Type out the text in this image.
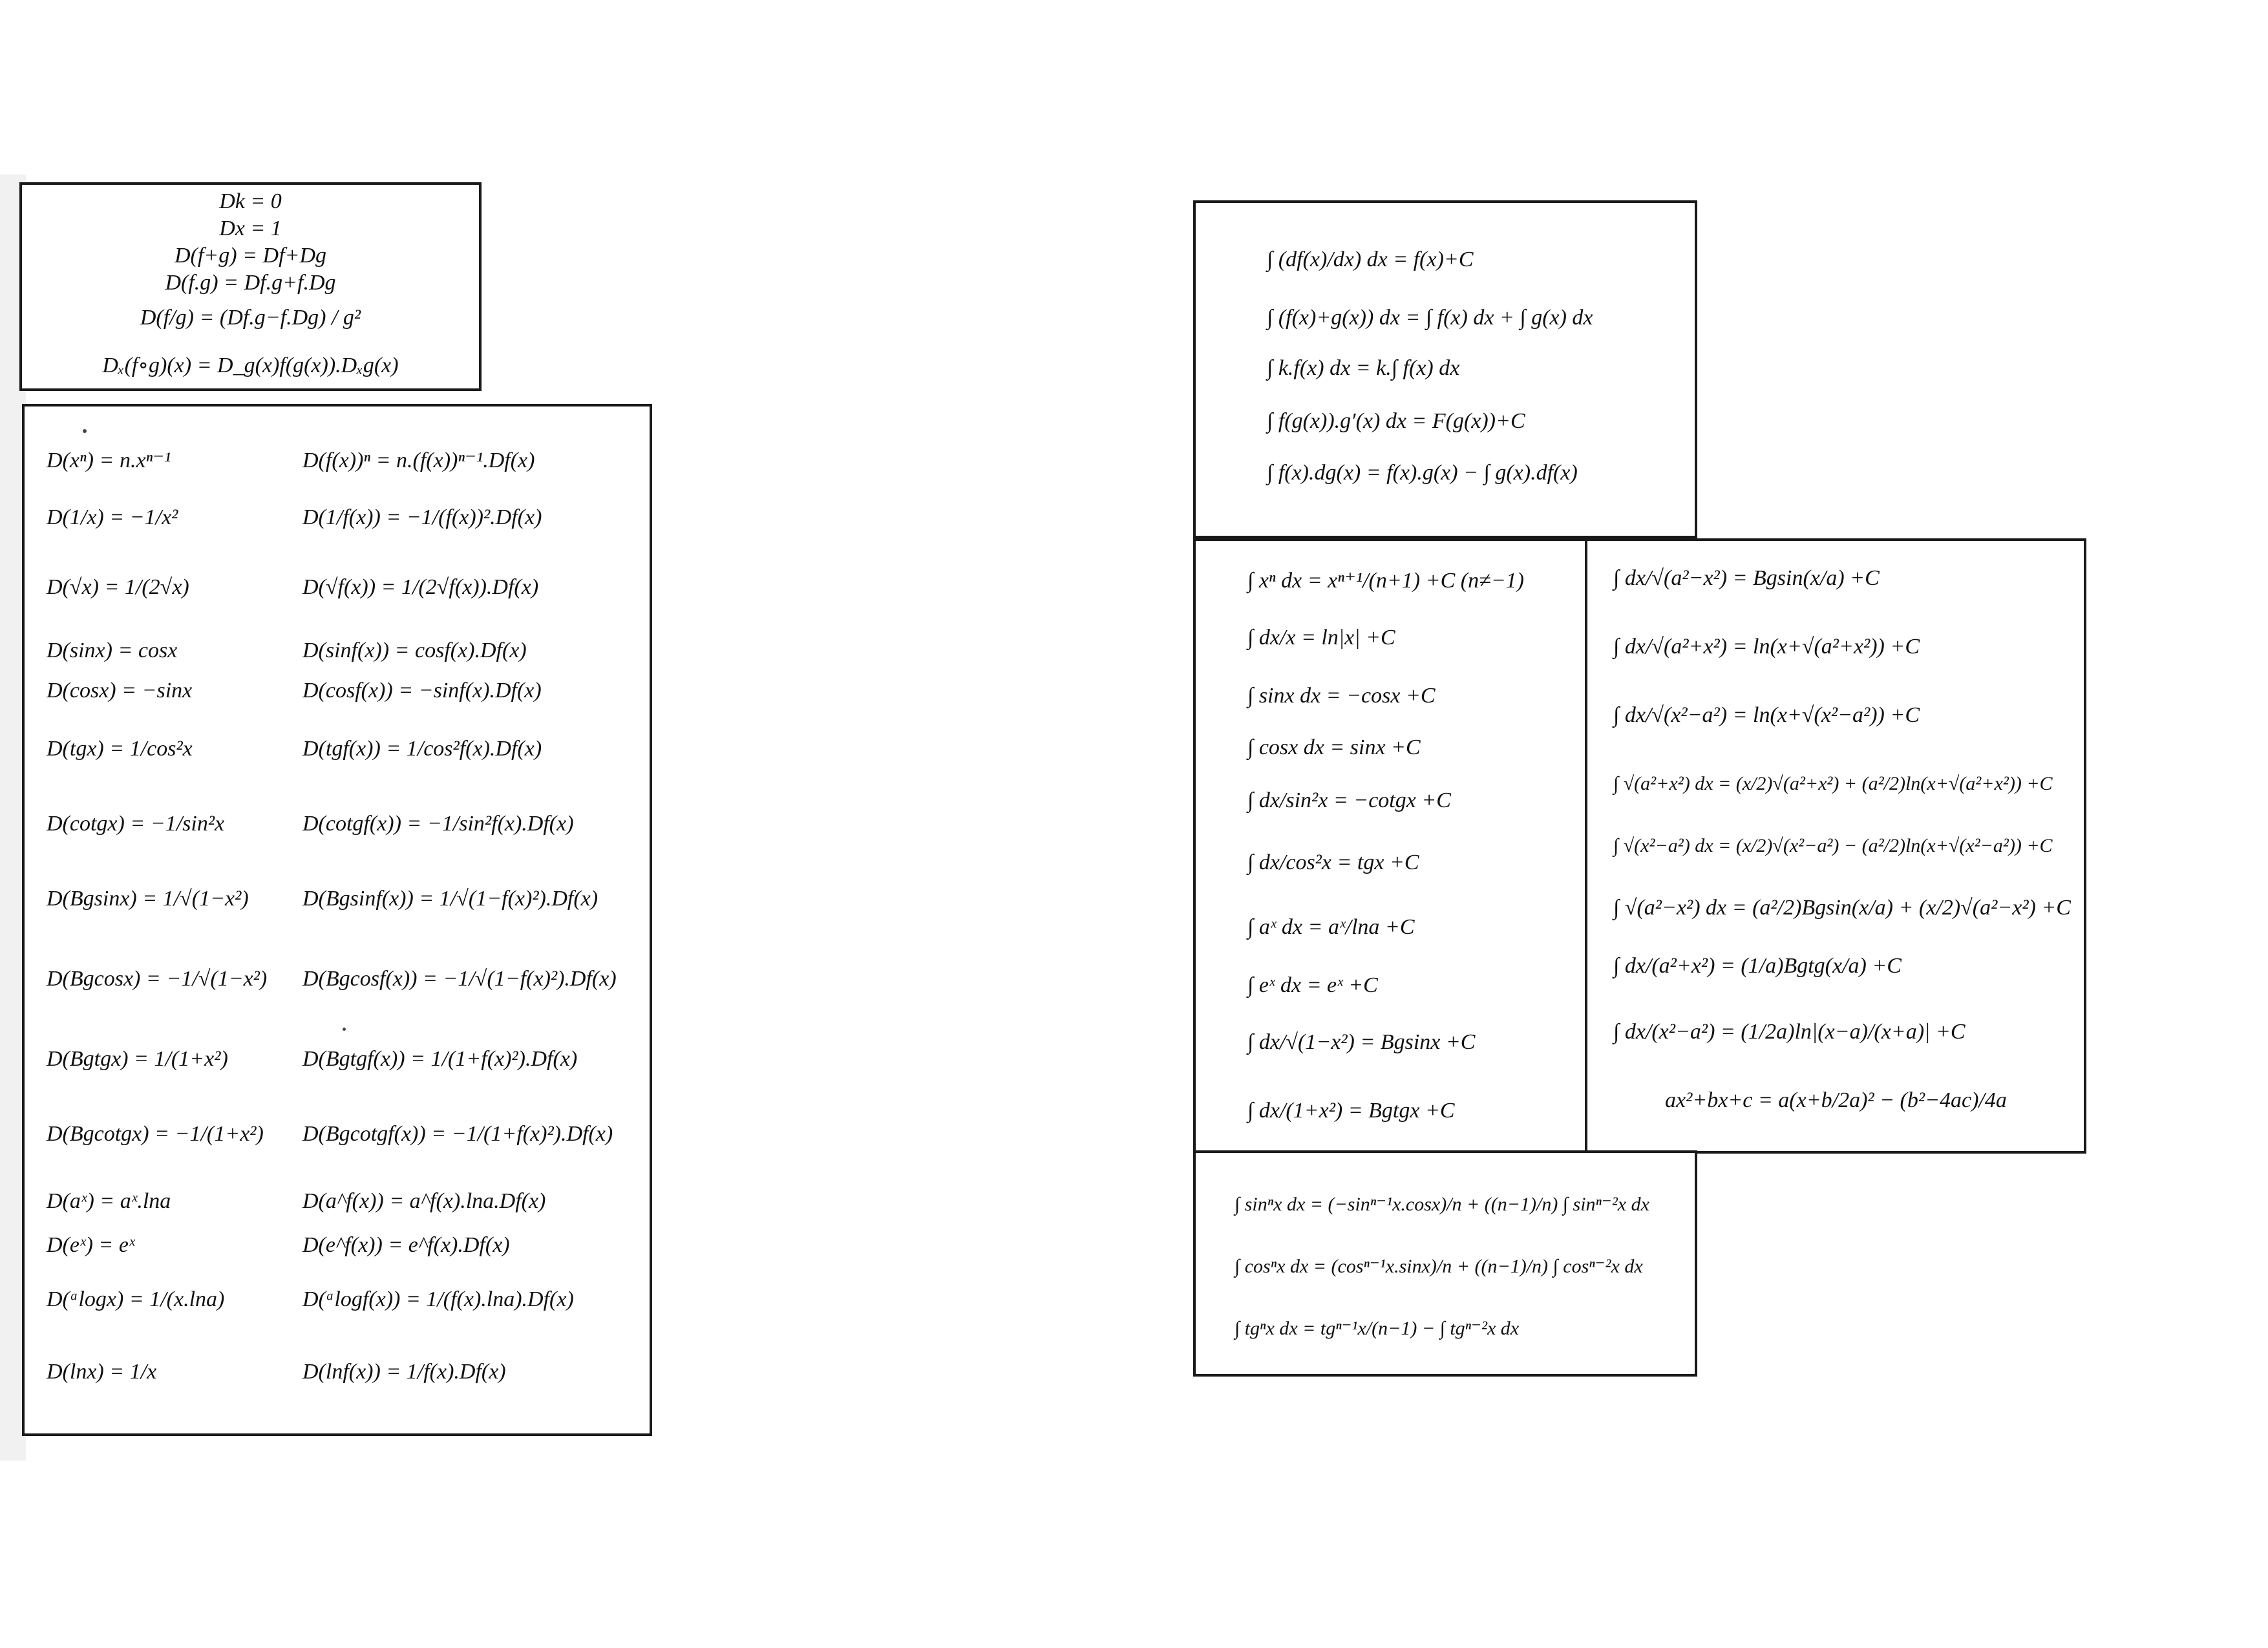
Dk = 0
Dx = 1
D(f+g) = Df+Dg
D(f.g) = Df.g+f.Dg
D(f/g) = (Df.g−f.Dg) / g²
Dₓ(f∘g)(x) = D_g(x)f(g(x)).Dₓg(x)
D(xⁿ) = n.xⁿ⁻¹	D(f(x))ⁿ = n.(f(x))ⁿ⁻¹.Df(x)
D(1/x) = −1/x²	D(1/f(x)) = −1/(f(x))².Df(x)
D(√x) = 1/(2√x)	D(√f(x)) = 1/(2√f(x)).Df(x)
D(sinx) = cosx	D(sinf(x)) = cosf(x).Df(x)
D(cosx) = −sinx	D(cosf(x)) = −sinf(x).Df(x)
D(tgx) = 1/cos²x	D(tgf(x)) = 1/cos²f(x).Df(x)
D(cotgx) = −1/sin²x	D(cotgf(x)) = −1/sin²f(x).Df(x)
D(Bgsinx) = 1/√(1−x²) D(Bgsinf(x)) = 1/√(1−f(x)²).Df(x)
D(Bgcosx) = −1/√(1−x²) D(Bgcosf(x)) = −1/√(1−f(x)²).Df(x)
D(Bgtgx) = 1/(1+x²)	D(Bgtgf(x)) = 1/(1+f(x)²).Df(x)
D(Bgcotgx) = −1/(1+x²) D(Bgcotgf(x)) = −1/(1+f(x)²).Df(x)
D(aˣ) = aˣ.lna	D(a^f(x)) = a^f(x).lna.Df(x)
D(eˣ) = eˣ	D(e^f(x)) = e^f(x).Df(x)
D(ᵃlogx) = 1/(x.lna)	D(ᵃlogf(x)) = 1/(f(x).lna).Df(x)
D(lnx) = 1/x	D(lnf(x)) = 1/f(x).Df(x)
∫ (df(x)/dx) dx = f(x)+C
∫ (f(x)+g(x)) dx = ∫ f(x) dx + ∫ g(x) dx
∫ k.f(x) dx = k.∫ f(x) dx
∫ f(g(x)).g′(x) dx = F(g(x))+C
∫ f(x).dg(x) = f(x).g(x) − ∫ g(x).df(x)
∫ xⁿ dx = xⁿ⁺¹/(n+1) +C (n≠−1)
∫ dx/x = ln|x| +C
∫ sinx dx = −cosx +C
∫ cosx dx = sinx +C
∫ dx/sin²x = −cotgx +C
∫ dx/cos²x = tgx +C
∫ aˣ dx = aˣ/lna +C
∫ eˣ dx = eˣ +C
∫ dx/√(1−x²) = Bgsinx +C
∫ dx/(1+x²) = Bgtgx +C
∫ dx/√(a²−x²) = Bgsin(x/a) +C
∫ dx/√(a²+x²) = ln(x+√(a²+x²)) +C
∫ dx/√(x²−a²) = ln(x+√(x²−a²)) +C
∫ √(a²+x²) dx = (x/2)√(a²+x²) + (a²/2)ln(x+√(a²+x²)) +C
∫ √(x²−a²) dx = (x/2)√(x²−a²) − (a²/2)ln(x+√(x²−a²)) +C
∫ √(a²−x²) dx = (a²/2)Bgsin(x/a) + (x/2)√(a²−x²) +C
∫ dx/(a²+x²) = (1/a)Bgtg(x/a) +C
∫ dx/(x²−a²) = (1/2a)ln|(x−a)/(x+a)| +C
ax²+bx+c = a(x+b/2a)² − (b²−4ac)/4a
∫ sinⁿx dx = (−sinⁿ⁻¹x.cosx)/n + ((n−1)/n) ∫ sinⁿ⁻²x dx
∫ cosⁿx dx = (cosⁿ⁻¹x.sinx)/n + ((n−1)/n) ∫ cosⁿ⁻²x dx
∫ tgⁿx dx = tgⁿ⁻¹x/(n−1) − ∫ tgⁿ⁻²x dx
